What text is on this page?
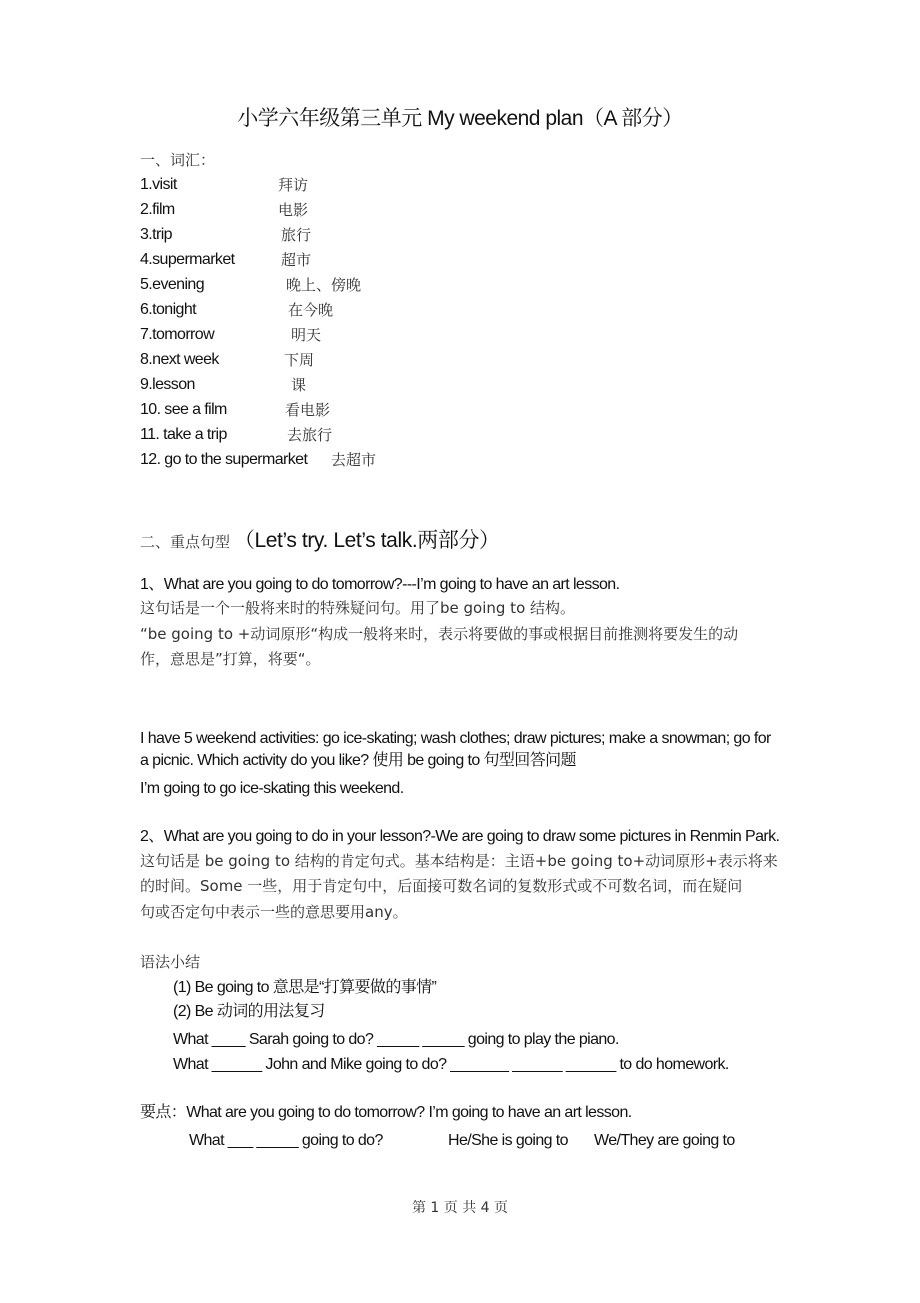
小学六年级第三单元 My weekend plan（A 部分）
一、词汇：
1.visit	拜访
2.film	电影
3.trip	旅行
4.supermarket	超市
5.evening	晚上、傍晚
6.tonight	在今晚
7.tomorrow	明天
8.next week	下周
9.lesson	课
10. see a film	看电影
11. take a trip	去旅行
12. go to the supermarket 去超市
二、重点句型 （Let’s try. Let’s talk.两部分）
1、What are you going to do tomorrow?---I’m going to have an art lesson.
这句话是一个一般将来时的特殊疑问句。用了be going to 结构。
“be going to +动词原形“构成一般将来时，表示将要做的事或根据目前推测将要发生的动
作，意思是”打算，将要“。
I have 5 weekend activities: go ice-skating; wash clothes; draw pictures; make a snowman; go for
a picnic. Which activity do you like? 使用 be going to 句型回答问题
I’m going to go ice-skating this weekend.
2、What are you going to do in your lesson?-We are going to draw some pictures in Renmin Park.
这句话是 be going to 结构的肯定句式。基本结构是：主语+be going to+动词原形+表示将来
的时间。Some 一些，用于肯定句中，后面接可数名词的复数形式或不可数名词，而在疑问
句或否定句中表示一些的意思要用any。
语法小结
(1) Be going to 意思是“打算要做的事情”
(2) Be 动词的用法复习
What ____ Sarah going to do? _____ _____ going to play the piano.
What ______ John and Mike going to do? _______ ______ ______ to do homework.
要点：What are you going to do tomorrow? I’m going to have an art lesson.
What ___ _____ going to do?	He/She is going to We/They are going to
第 1 页 共 4 页
